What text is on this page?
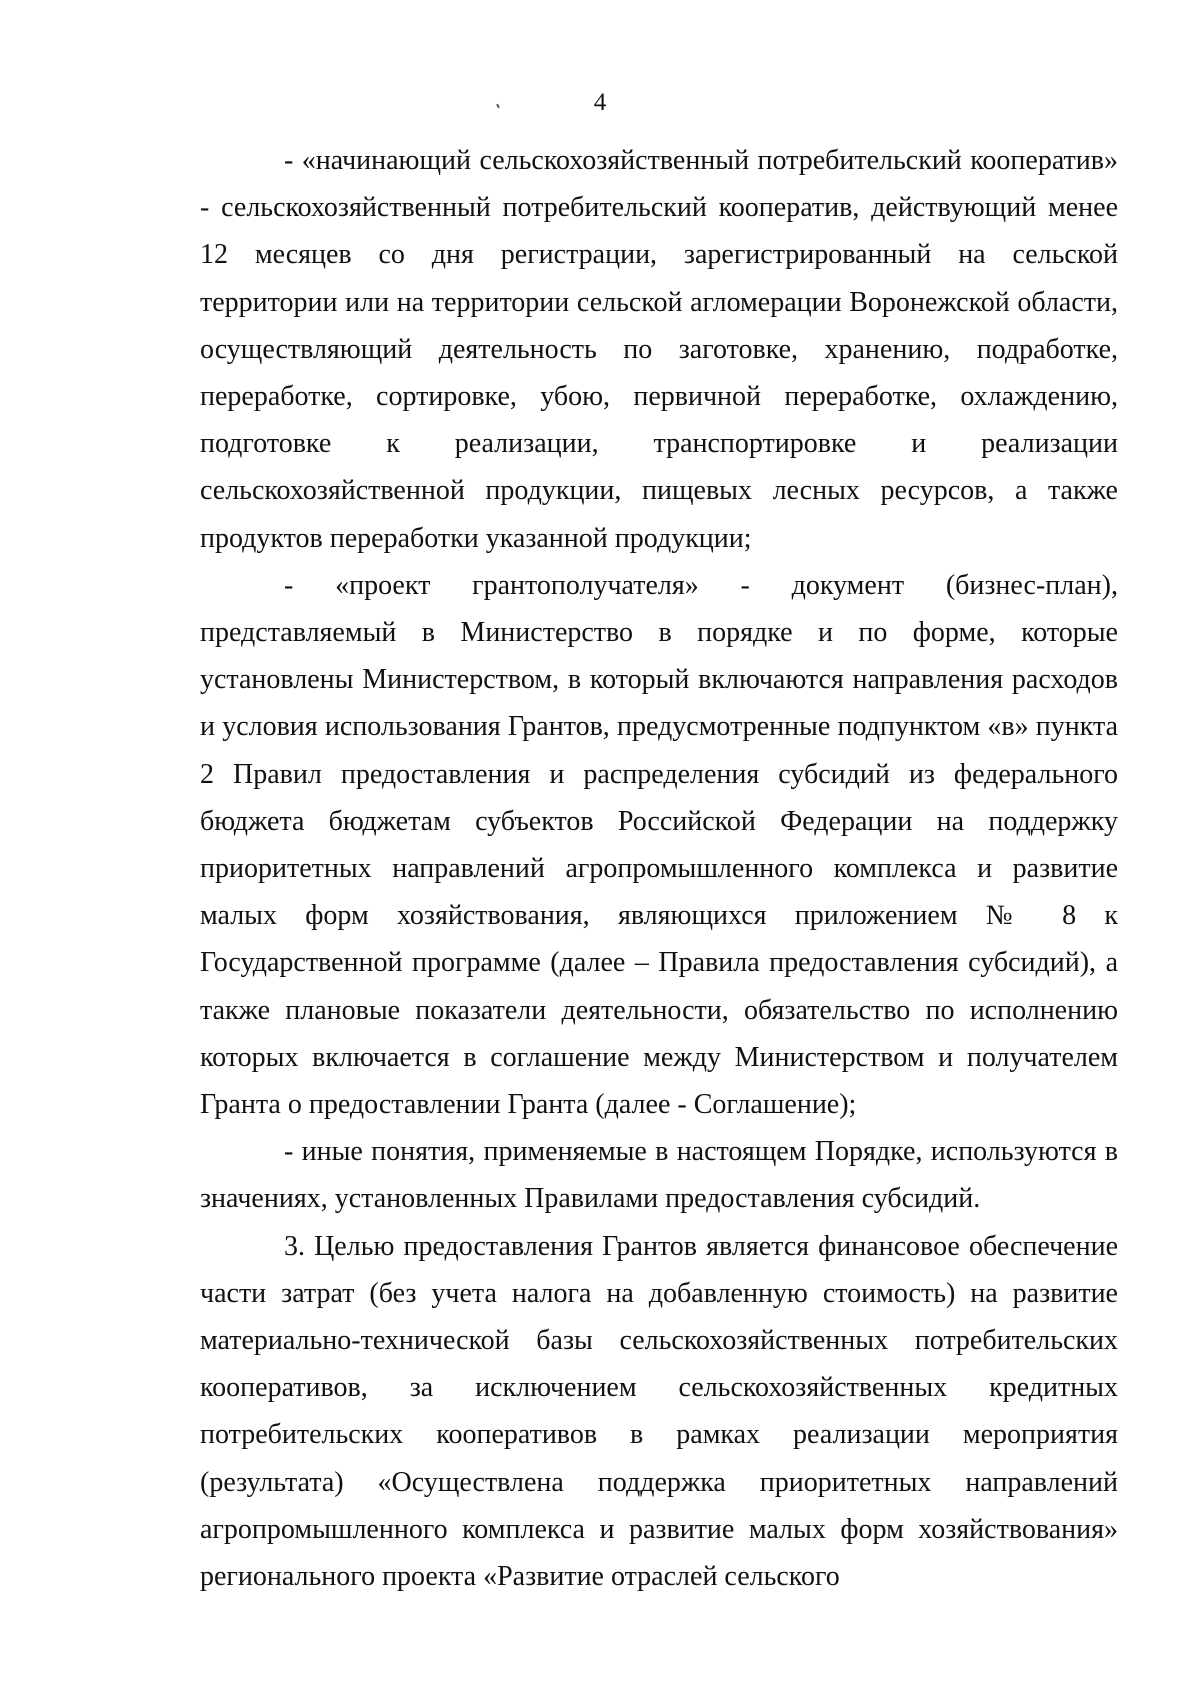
4

- «начинающий сельскохозяйственный потребительский кооператив» - сельскохозяйственный потребительский кооператив, действующий менее 12 месяцев со дня регистрации, зарегистрированный на сельской территории или на территории сельской агломерации Воронежской области, осуществляющий деятельность по заготовке, хранению, подработке, переработке, сортировке, убою, первичной переработке, охлаждению, подготовке к реализации, транспортировке и реализации сельскохозяйственной продукции, пищевых лесных ресурсов, а также продуктов переработки указанной продукции;

- «проект грантополучателя» - документ (бизнес-план), представляемый в Министерство в порядке и по форме, которые установлены Министерством, в который включаются направления расходов и условия использования Грантов, предусмотренные подпунктом «в» пункта 2 Правил предоставления и распределения субсидий из федерального бюджета бюджетам субъектов Российской Федерации на поддержку приоритетных направлений агропромышленного комплекса и развитие малых форм хозяйствования, являющихся приложением № 8 к Государственной программе (далее – Правила предоставления субсидий), а также плановые показатели деятельности, обязательство по исполнению которых включается в соглашение между Министерством и получателем Гранта о предоставлении Гранта (далее - Соглашение);

- иные понятия, применяемые в настоящем Порядке, используются в значениях, установленных Правилами предоставления субсидий.

3. Целью предоставления Грантов является финансовое обеспечение части затрат (без учета налога на добавленную стоимость) на развитие материально-технической базы сельскохозяйственных потребительских кооперативов, за исключением сельскохозяйственных кредитных потребительских кооперативов в рамках реализации мероприятия (результата) «Осуществлена поддержка приоритетных направлений агропромышленного комплекса и развитие малых форм хозяйствования» регионального проекта «Развитие отраслей сельского
